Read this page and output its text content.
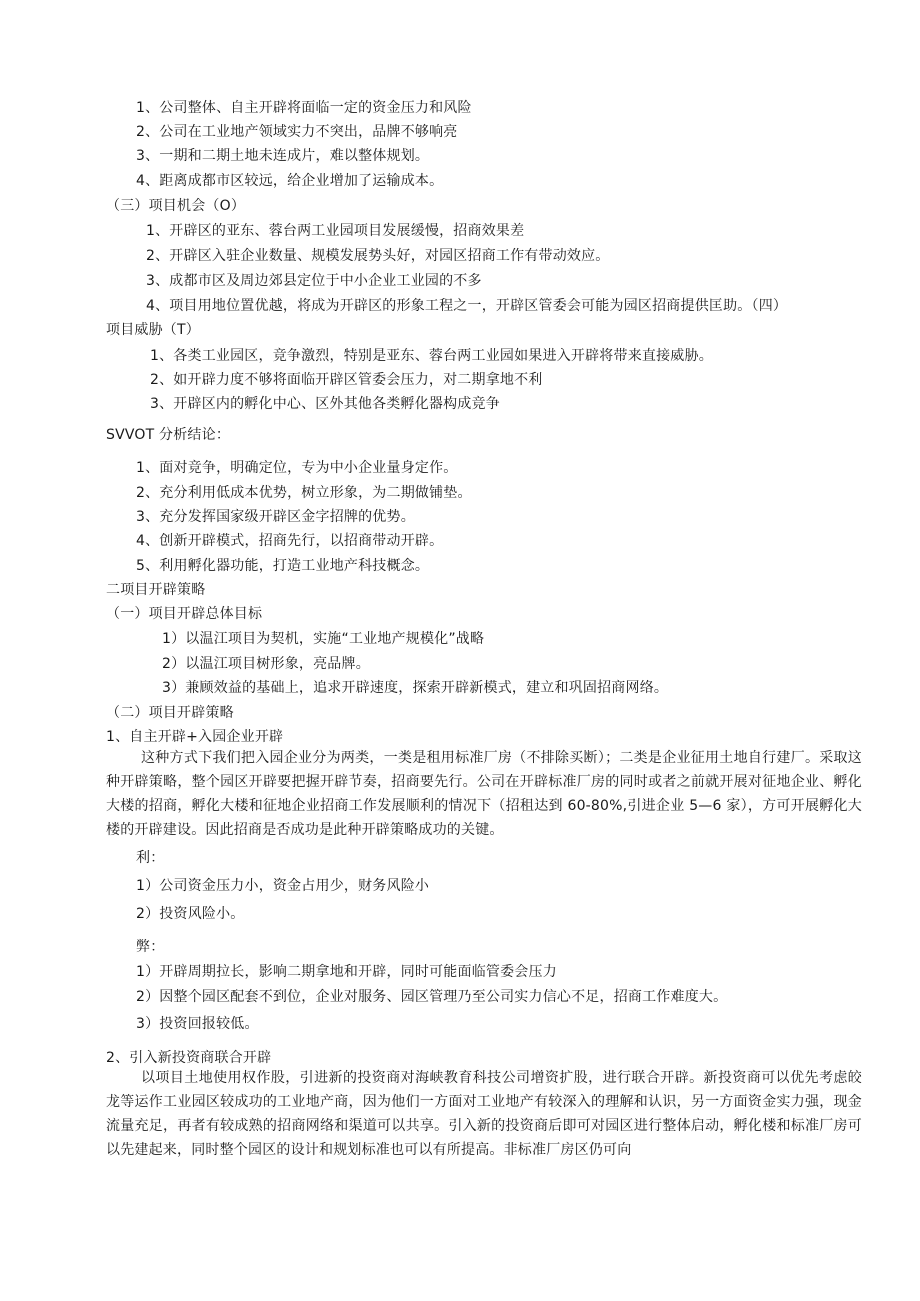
1、公司整体、自主开辟将面临一定的资金压力和风险
2、公司在工业地产领域实力不突出，品牌不够响亮
3、一期和二期土地未连成片，难以整体规划。
4、距离成都市区较远，给企业增加了运输成本。
（三）项目机会（O）
1、开辟区的亚东、蓉台两工业园项目发展缓慢，招商效果差
2、开辟区入驻企业数量、规模发展势头好，对园区招商工作有带动效应。
3、成都市区及周边郊县定位于中小企业工业园的不多
4、项目用地位置优越，将成为开辟区的形象工程之一，开辟区管委会可能为园区招商提供匡助。（四）
项目威胁（T）
1、各类工业园区，竞争激烈，特别是亚东、蓉台两工业园如果进入开辟将带来直接威胁。
2、如开辟力度不够将面临开辟区管委会压力，对二期拿地不利
3、开辟区内的孵化中心、区外其他各类孵化器构成竞争
SVVOT 分析结论：
1、面对竞争，明确定位，专为中小企业量身定作。
2、充分利用低成本优势，树立形象，为二期做铺垫。
3、充分发挥国家级开辟区金字招牌的优势。
4、创新开辟模式，招商先行，以招商带动开辟。
5、利用孵化器功能，打造工业地产科技概念。
二项目开辟策略
（一）项目开辟总体目标
1）以温江项目为契机，实施“工业地产规模化”战略
2）以温江项目树形象，亮品牌。
3）兼顾效益的基础上，追求开辟速度，探索开辟新模式，建立和巩固招商网络。
（二）项目开辟策略
1、自主开辟+入园企业开辟

这种方式下我们把入园企业分为两类，一类是租用标准厂房（不排除买断）；二类是企业征用土地自行建厂。采取这种开辟策略，整个园区开辟要把握开辟节奏，招商要先行。公司在开辟标准厂房的同时或者之前就开展对征地企业、孵化大楼的招商，孵化大楼和征地企业招商工作发展顺利的情况下（招租达到 60-80%,引进企业 5—6 家），方可开展孵化大楼的开辟建设。因此招商是否成功是此种开辟策略成功的关键。

利：
1）公司资金压力小，资金占用少，财务风险小
2）投资风险小。
弊：
1）开辟周期拉长，影响二期拿地和开辟，同时可能面临管委会压力
2）因整个园区配套不到位，企业对服务、园区管理乃至公司实力信心不足，招商工作难度大。
3）投资回报较低。
2、引入新投资商联合开辟

以项目土地使用权作股，引进新的投资商对海峡教育科技公司增资扩股，进行联合开辟。新投资商可以优先考虑皎龙等运作工业园区较成功的工业地产商，因为他们一方面对工业地产有较深入的理解和认识，另一方面资金实力强，现金流量充足，再者有较成熟的招商网络和渠道可以共享。引入新的投资商后即可对园区进行整体启动，孵化楼和标准厂房可以先建起来，同时整个园区的设计和规划标准也可以有所提高。非标准厂房区仍可向
